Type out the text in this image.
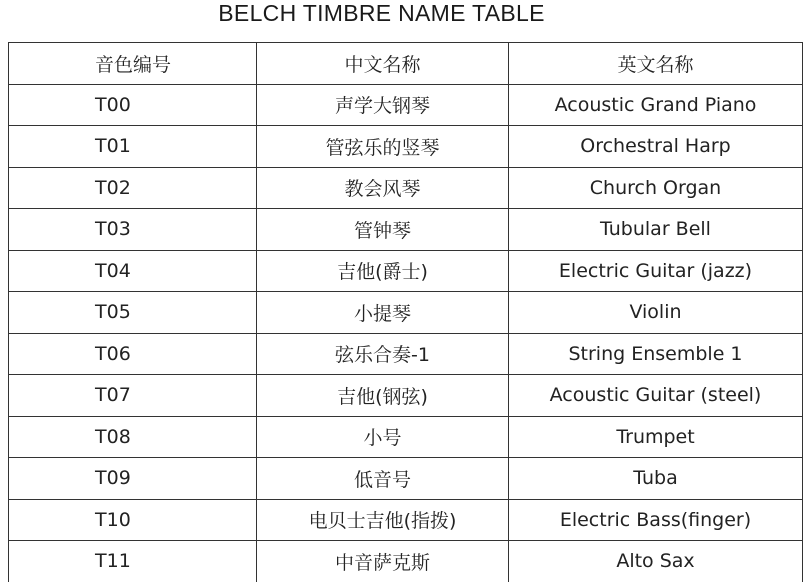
BELCH TIMBRE NAME TABLE
音色编号	中文名称	英文名称
T00	声学大钢琴	Acoustic Grand Piano
T01	管弦乐的竖琴	Orchestral Harp
T02	教会风琴	Church Organ
T03	管钟琴	Tubular Bell
T04	吉他(爵士)	Electric Guitar (jazz)
T05	小提琴	Violin
T06	弦乐合奏-1	String Ensemble 1
T07	吉他(钢弦)	Acoustic Guitar (steel)
T08	小号	Trumpet
T09	低音号	Tuba
T10	电贝士吉他(指拨)	Electric Bass(finger)
T11	中音萨克斯	Alto Sax
